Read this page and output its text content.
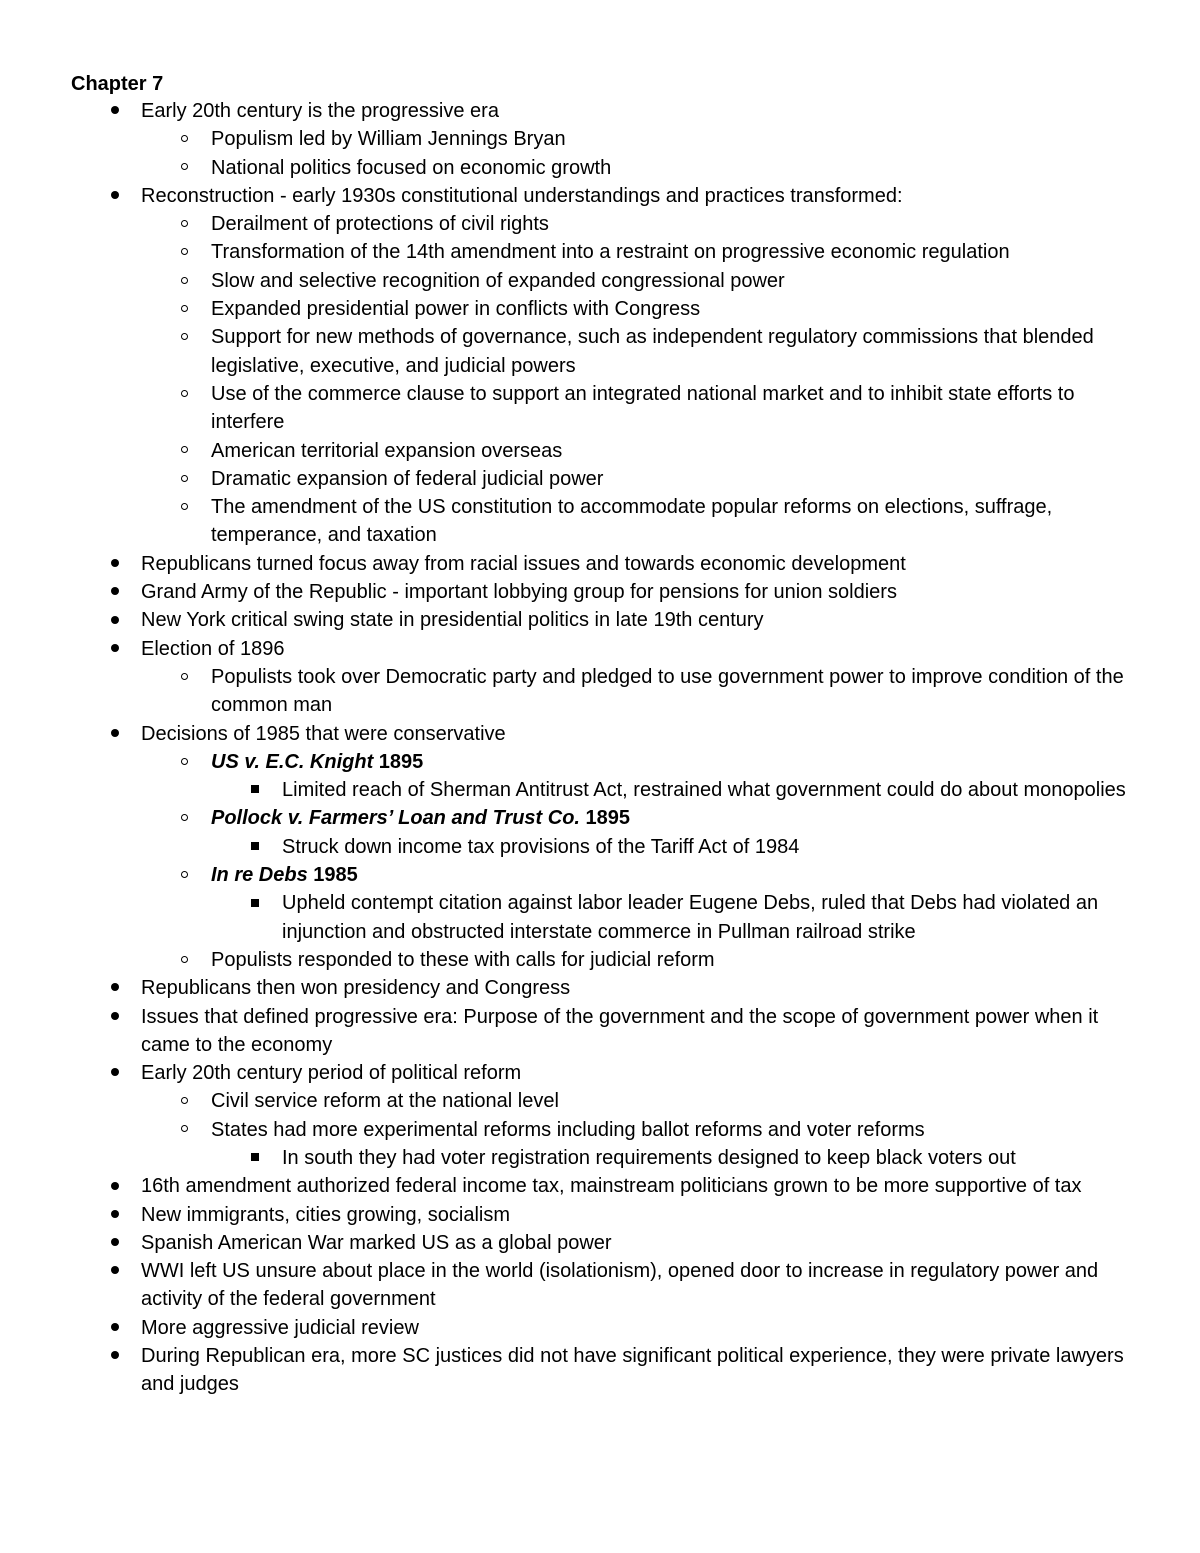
Chapter 7
Early 20th century is the progressive era
Populism led by William Jennings Bryan
National politics focused on economic growth
Reconstruction - early 1930s constitutional understandings and practices transformed:
Derailment of protections of civil rights
Transformation of the 14th amendment into a restraint on progressive economic regulation
Slow and selective recognition of expanded congressional power
Expanded presidential power in conflicts with Congress
Support for new methods of governance, such as independent regulatory commissions that blended legislative, executive, and judicial powers
Use of the commerce clause to support an integrated national market and to inhibit state efforts to interfere
American territorial expansion overseas
Dramatic expansion of federal judicial power
The amendment of the US constitution to accommodate popular reforms on elections, suffrage, temperance, and taxation
Republicans turned focus away from racial issues and towards economic development
Grand Army of the Republic - important lobbying group for pensions for union soldiers
New York critical swing state in presidential politics in late 19th century
Election of 1896
Populists took over Democratic party and pledged to use government power to improve condition of the common man
Decisions of 1985 that were conservative
US v. E.C. Knight 1895
Limited reach of Sherman Antitrust Act, restrained what government could do about monopolies
Pollock v. Farmers’ Loan and Trust Co. 1895
Struck down income tax provisions of the Tariff Act of 1984
In re Debs 1985
Upheld contempt citation against labor leader Eugene Debs, ruled that Debs had violated an injunction and obstructed interstate commerce in Pullman railroad strike
Populists responded to these with calls for judicial reform
Republicans then won presidency and Congress
Issues that defined progressive era: Purpose of the government and the scope of government power when it came to the economy
Early 20th century period of political reform
Civil service reform at the national level
States had more experimental reforms including ballot reforms and voter reforms
In south they had voter registration requirements designed to keep black voters out
16th amendment authorized federal income tax, mainstream politicians grown to be more supportive of tax
New immigrants, cities growing, socialism
Spanish American War marked US as a global power
WWI left US unsure about place in the world (isolationism), opened door to increase in regulatory power and activity of the federal government
More aggressive judicial review
During Republican era, more SC justices did not have significant political experience, they were private lawyers and judges
